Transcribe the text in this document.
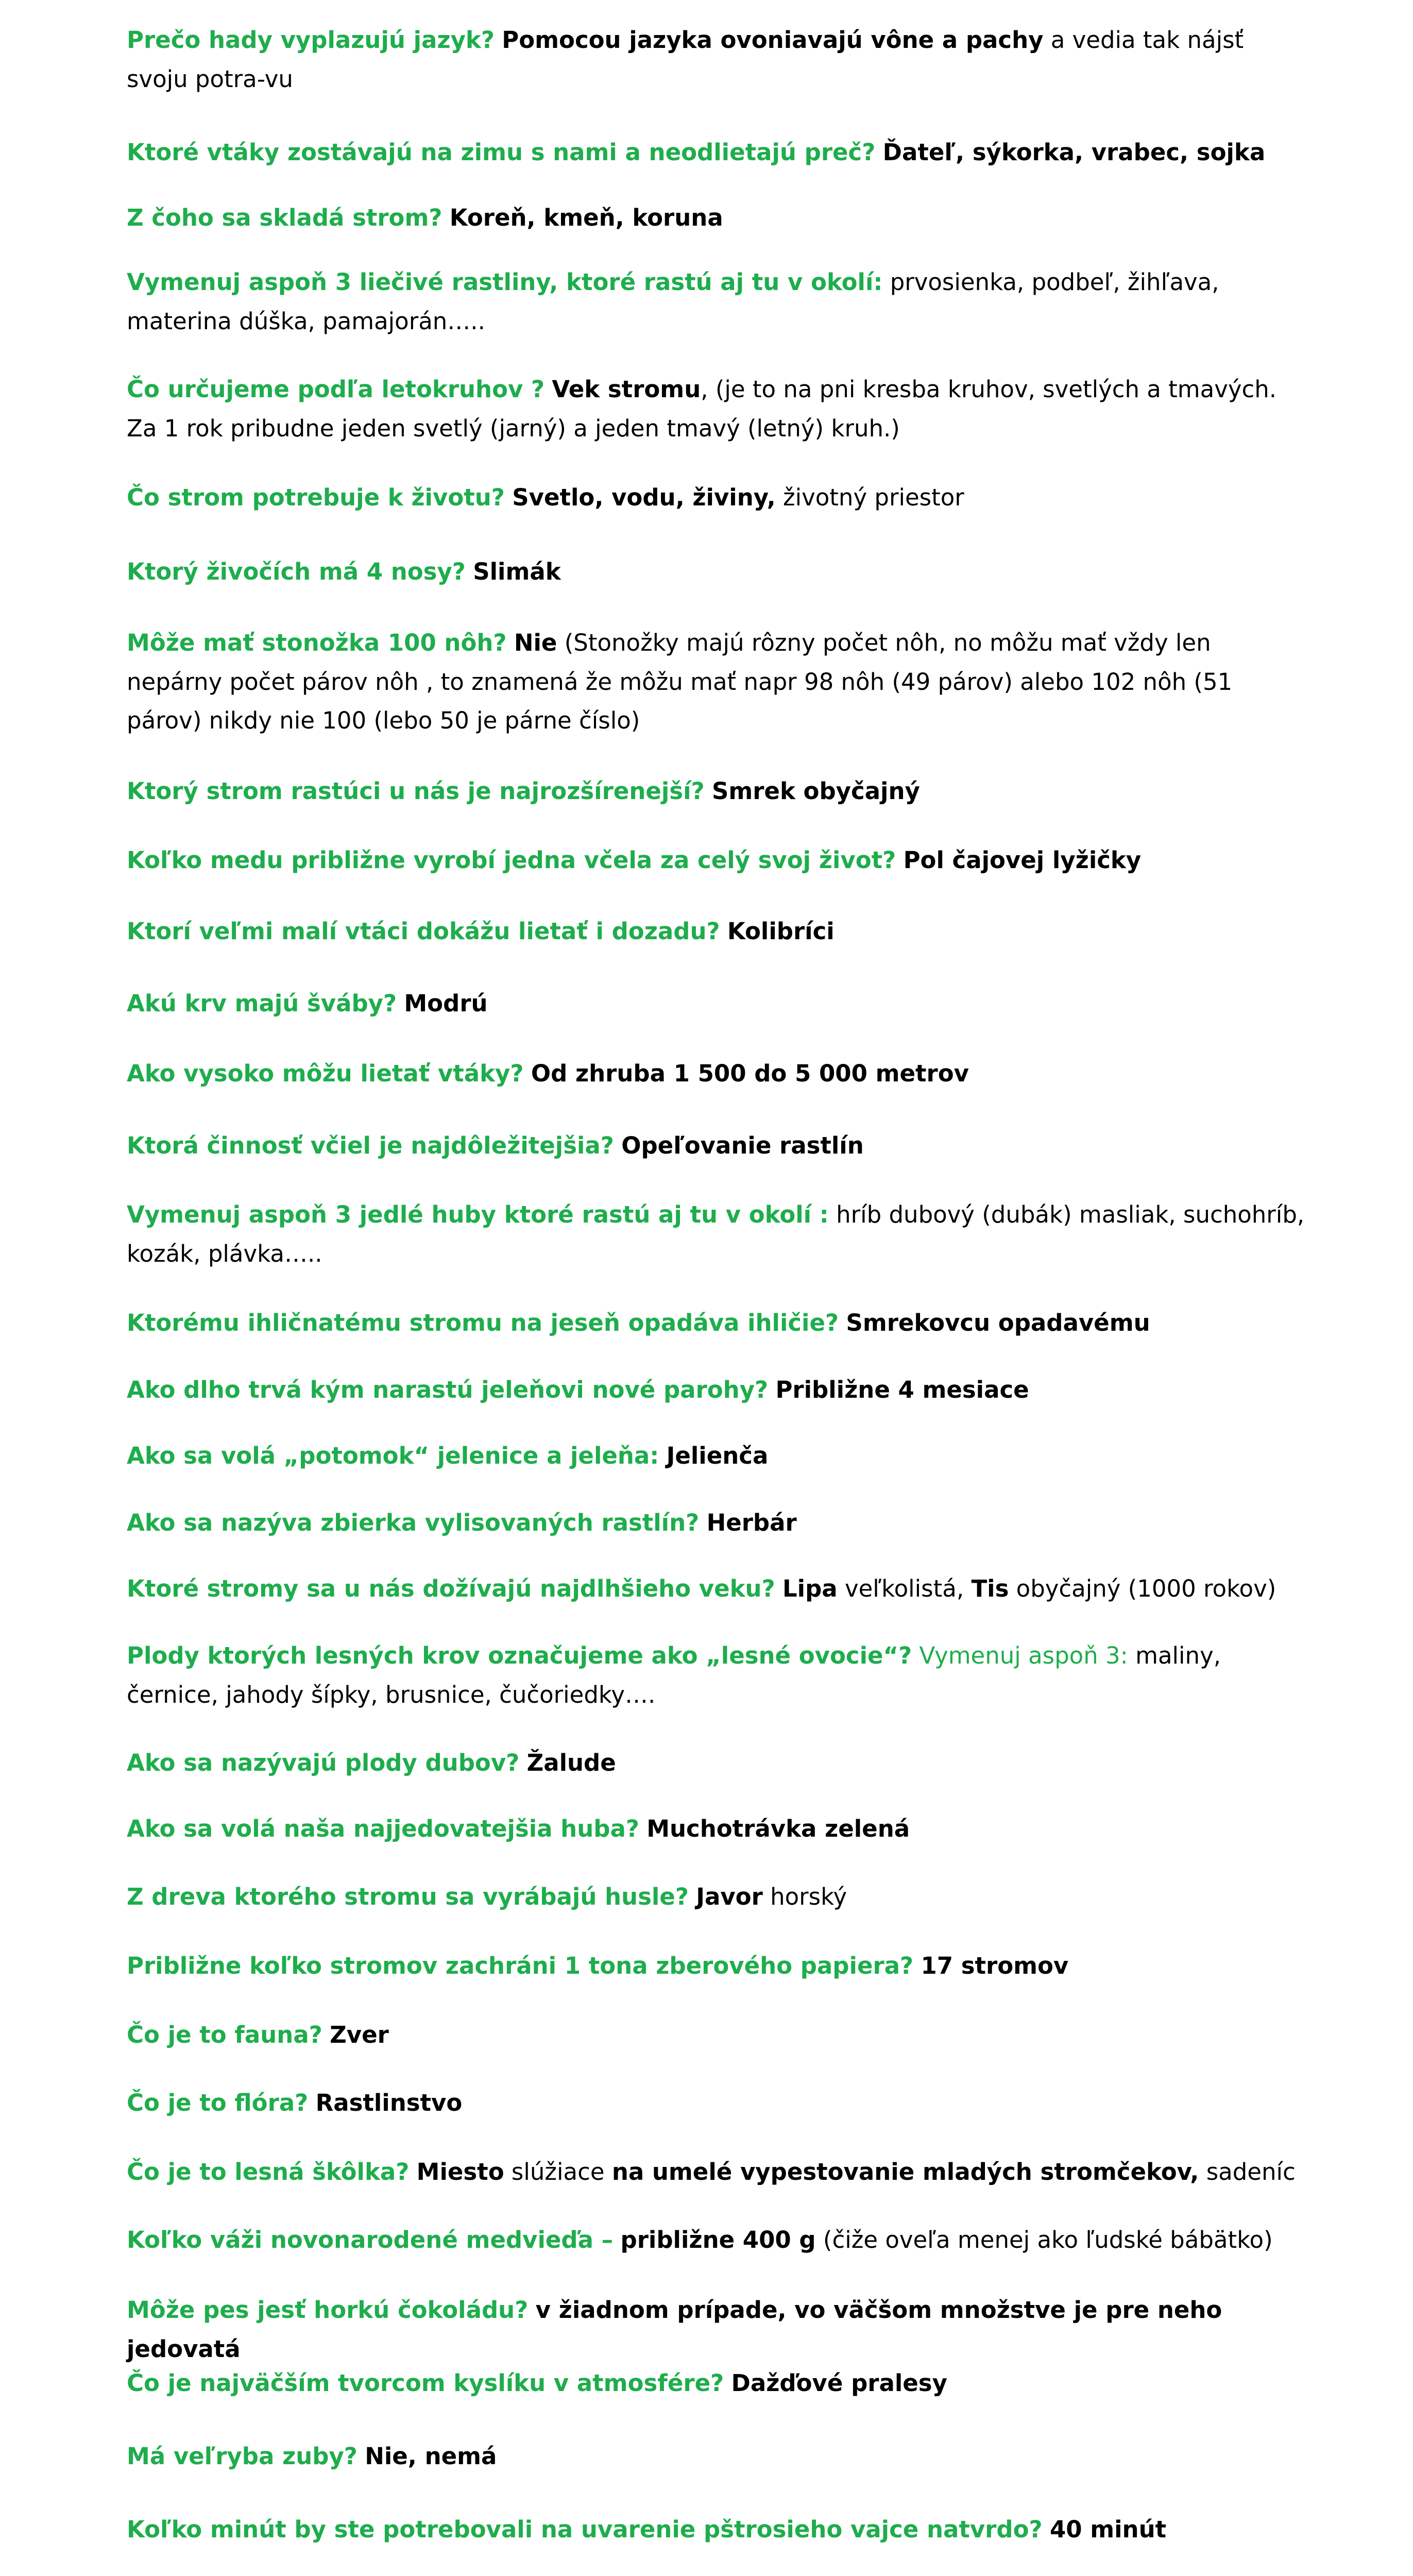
Prečo hady vyplazujú jazyk? Pomocou jazyka ovoniavajú vône a pachy a vedia tak nájsť svoju potra-vu

Ktoré vtáky zostávajú na zimu s nami a neodlietajú preč? Ďateľ, sýkorka, vrabec, sojka

Z čoho sa skladá strom? Koreň, kmeň, koruna

Vymenuj aspoň 3 liečivé rastliny, ktoré rastú aj tu v okolí: prvosienka, podbeľ, žihľava, materina dúška, pamajorán…..

Čo určujeme podľa letokruhov ? Vek stromu, (je to na pni kresba kruhov, svetlých a tmavých. Za 1 rok pribudne jeden svetlý (jarný) a jeden tmavý (letný) kruh.)

Čo strom potrebuje k životu? Svetlo, vodu, živiny, životný priestor

Ktorý živočích má 4 nosy? Slimák

Môže mať stonožka 100 nôh? Nie (Stonožky majú rôzny počet nôh, no môžu mať vždy len nepárny počet párov nôh , to znamená že môžu mať napr 98 nôh (49 párov) alebo 102 nôh (51 párov) nikdy nie 100 (lebo 50 je párne číslo)

Ktorý strom rastúci u nás je najrozšírenejší? Smrek obyčajný

Koľko medu približne vyrobí jedna včela za celý svoj život? Pol čajovej lyžičky

Ktorí veľmi malí vtáci dokážu lietať i dozadu? Kolibríci

Akú krv majú šváby? Modrú

Ako vysoko môžu lietať vtáky? Od zhruba 1 500 do 5 000 metrov

Ktorá činnosť včiel je najdôležitejšia? Opeľovanie rastlín

Vymenuj aspoň 3 jedlé huby ktoré rastú aj tu v okolí : hríb dubový (dubák) masliak, suchohríb, kozák, plávka…..

Ktorému ihličnatému stromu na jeseň opadáva ihličie? Smrekovcu opadavému

Ako dlho trvá kým narastú jeleňovi nové parohy? Približne 4 mesiace

Ako sa volá „potomok“ jelenice a jeleňa: Jelienča

Ako sa nazýva zbierka vylisovaných rastlín? Herbár

Ktoré stromy sa u nás dožívajú najdlhšieho veku? Lipa veľkolistá, Tis obyčajný (1000 rokov)

Plody ktorých lesných krov označujeme ako „lesné ovocie“? Vymenuj aspoň 3: maliny, černice, jahody šípky, brusnice, čučoriedky….

Ako sa nazývajú plody dubov? Žalude

Ako sa volá naša najjedovatejšia huba? Muchotrávka zelená

Z dreva ktorého stromu sa vyrábajú husle? Javor horský

Približne koľko stromov zachráni 1 tona zberového papiera? 17 stromov

Čo je to fauna? Zver

Čo je to flóra? Rastlinstvo

Čo je to lesná škôlka? Miesto slúžiace na umelé vypestovanie mladých stromčekov, sadeníc

Koľko váži novonarodené medvieďa – približne 400 g (čiže oveľa menej ako ľudské bábätko)

Môže pes jesť horkú čokoládu? v žiadnom prípade, vo väčšom množstve je pre neho jedovatá

Čo je najväčším tvorcom kyslíku v atmosfére? Dažďové pralesy

Má veľryba zuby? Nie, nemá

Koľko minút by ste potrebovali na uvarenie pštrosieho vajce natvrdo? 40 minút
